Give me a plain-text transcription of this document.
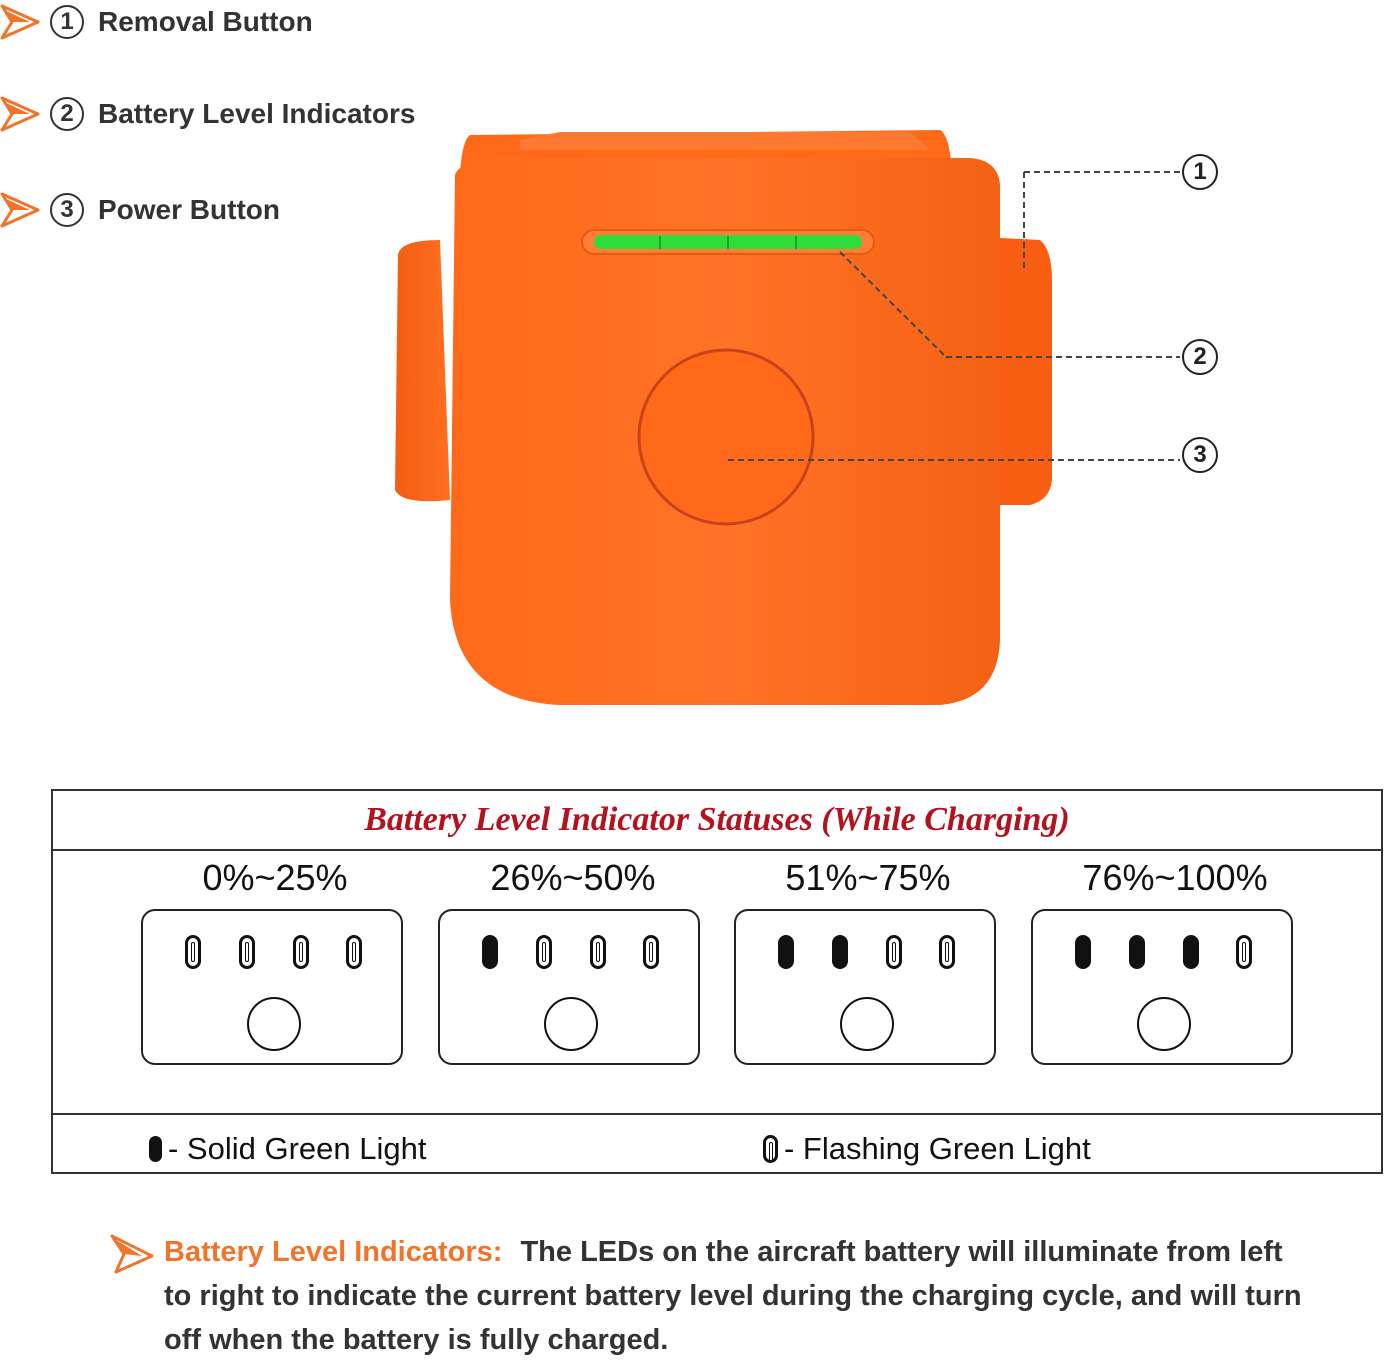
1 Removal Button
2 Battery Level Indicators
3 Power Button
1
2
3
Battery Level Indicator Statuses (While Charging)
0%~25%	26%~50%	51%~75%	76%~100%
- Solid Green Light	- Flashing Green Light
Battery Level Indicators: The LEDs on the aircraft battery will illuminate from left to right to indicate the current battery level during the charging cycle, and will turn off when the battery is fully charged.
